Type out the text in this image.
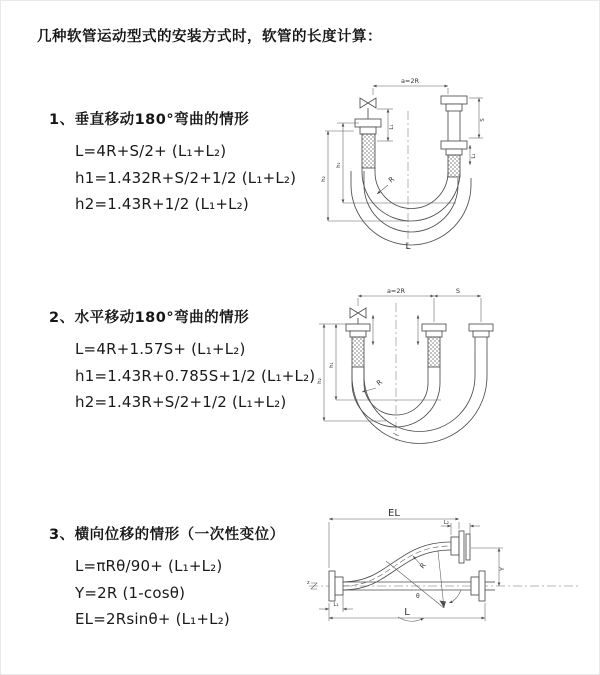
几种软管运动型式的安装方式时，软管的长度计算：
1、垂直移动180°弯曲的情形
L=4R+S/2+ (L₁+L₂)
h1=1.432R+S/2+1/2 (L₁+L₂)
h2=1.43R+1/2 (L₁+L₂)
2、水平移动180°弯曲的情形
L=4R+1.57S+ (L₁+L₂)
h1=1.43R+0.785S+1/2 (L₁+L₂)
h2=1.43R+S/2+1/2 (L₁+L₂)
3、横向位移的情形（一次性变位）
L=πRθ/90+ (L₁+L₂)
Y=2R (1-cosθ)
EL=2Rsinθ+ (L₁+L₂)
a=2R
R
h₁
h₂
L₁
S
L₁
L
a=2R	S
R
h₁
h₂
z
EL
L₂
Y
R
θ
L₁
L
